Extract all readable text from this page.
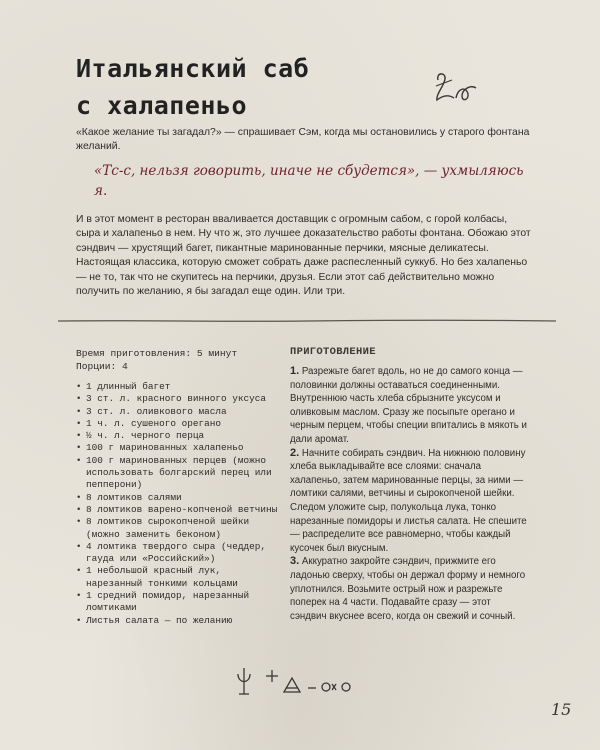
Итальянский саб
с халапеньо

«Какое желание ты загадал?» — спрашивает Сэм, когда мы остановились у старого фонтана желаний.

«Тс-с, нельзя говорить, иначе не сбудется», — ухмыляюсь я.
И в этот момент в ресторан вваливается доставщик с огромным сабом, с горой колбасы, сыра и халапеньо в нем. Ну что ж, это лучшее доказательство работы фонтана. Обожаю этот сэндвич — хрустящий багет, пикантные маринованные перчики, мясные деликатесы. Настоящая классика, которую сможет собрать даже распесленный суккуб. Но без халапеньо — не то, так что не скупитесь на перчики, друзья. Если этот саб действительно можно получить по желанию, я бы загадал еще один. Или три.
Время приготовления: 5 минут
Порции: 4
• 1 длинный багет
• 3 ст. л. красного винного уксуса
• 3 ст. л. оливкового масла
• 1 ч. л. сушеного орегано
• ½ ч. л. черного перца
• 100 г маринованных халапеньо
• 100 г маринованных перцев (можно использовать болгарский перец или пепперони)
• 8 ломтиков салями
• 8 ломтиков варено-копченой ветчины
• 8 ломтиков сырокопченой шейки (можно заменить беконом)
• 4 ломтика твердого сыра (чеддер, гауда или «Российский»)
• 1 небольшой красный лук, нарезанный тонкими кольцами
• 1 средний помидор, нарезанный ломтиками
• Листья салата — по желанию
ПРИГОТОВЛЕНИЕ

1. Разрежьте багет вдоль, но не до самого конца — половинки должны оставаться соединенными. Внутреннюю часть хлеба сбрызните уксусом и оливковым маслом. Сразу же посыпьте орегано и черным перцем, чтобы специи впитались в мякоть и дали аромат.

2. Начните собирать сэндвич. На нижнюю половину хлеба выкладывайте все слоями: сначала халапеньо, затем маринованные перцы, за ними — ломтики салями, ветчины и сырокопченой шейки. Следом уложите сыр, полукольца лука, тонко нарезанные помидоры и листья салата. Не спешите — распределите все равномерно, чтобы каждый кусочек был вкусным.

3. Аккуратно закройте сэндвич, прижмите его ладонью сверху, чтобы он держал форму и немного уплотнился. Возьмите острый нож и разрежьте поперек на 4 части. Подавайте сразу — этот сэндвич вкуснее всего, когда он свежий и сочный.

15
